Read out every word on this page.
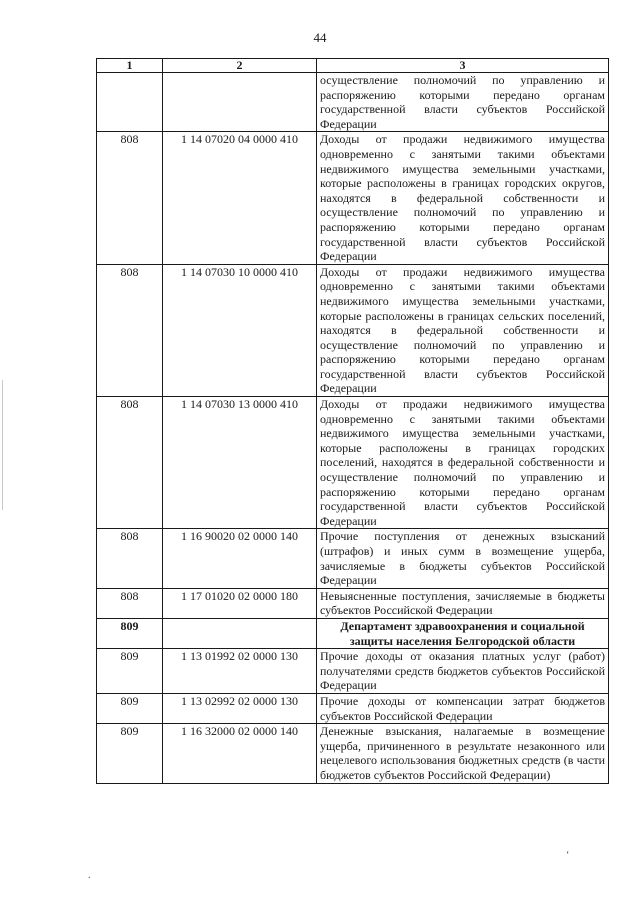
44
1	2	3
		осуществление полномочий по управлению и распоряжению которыми передано органам государственной власти субъектов Российской Федерации
808	1 14 07020 04 0000 410	Доходы от продажи недвижимого имущества одновременно с занятыми такими объектами недвижимого имущества земельными участками, которые расположены в границах городских округов, находятся в федеральной собственности и осуществление полномочий по управлению и распоряжению которыми передано органам государственной власти субъектов Российской Федерации
808	1 14 07030 10 0000 410	Доходы от продажи недвижимого имущества одновременно с занятыми такими объектами недвижимого имущества земельными участками, которые расположены в границах сельских поселений, находятся в федеральной собственности и осуществление полномочий по управлению и распоряжению которыми передано органам государственной власти субъектов Российской Федерации
808	1 14 07030 13 0000 410	Доходы от продажи недвижимого имущества одновременно с занятыми такими объектами недвижимого имущества земельными участками, которые расположены в границах городских поселений, находятся в федеральной собственности и осуществление полномочий по управлению и распоряжению которыми передано органам государственной власти субъектов Российской Федерации
808	1 16 90020 02 0000 140	Прочие поступления от денежных взысканий (штрафов) и иных сумм в возмещение ущерба, зачисляемые в бюджеты субъектов Российской Федерации
808	1 17 01020 02 0000 180	Невыясненные поступления, зачисляемые в бюджеты субъектов Российской Федерации
809		Департамент здравоохранения и социальной защиты населения Белгородской области
809	1 13 01992 02 0000 130	Прочие доходы от оказания платных услуг (работ) получателями средств бюджетов субъектов Российской Федерации
809	1 13 02992 02 0000 130	Прочие доходы от компенсации затрат бюджетов субъектов Российской Федерации
809	1 16 32000 02 0000 140	Денежные взыскания, налагаемые в возмещение ущерба, причиненного в результате незаконного или нецелевого использования бюджетных средств (в части бюджетов субъектов Российской Федерации)
.
‘
